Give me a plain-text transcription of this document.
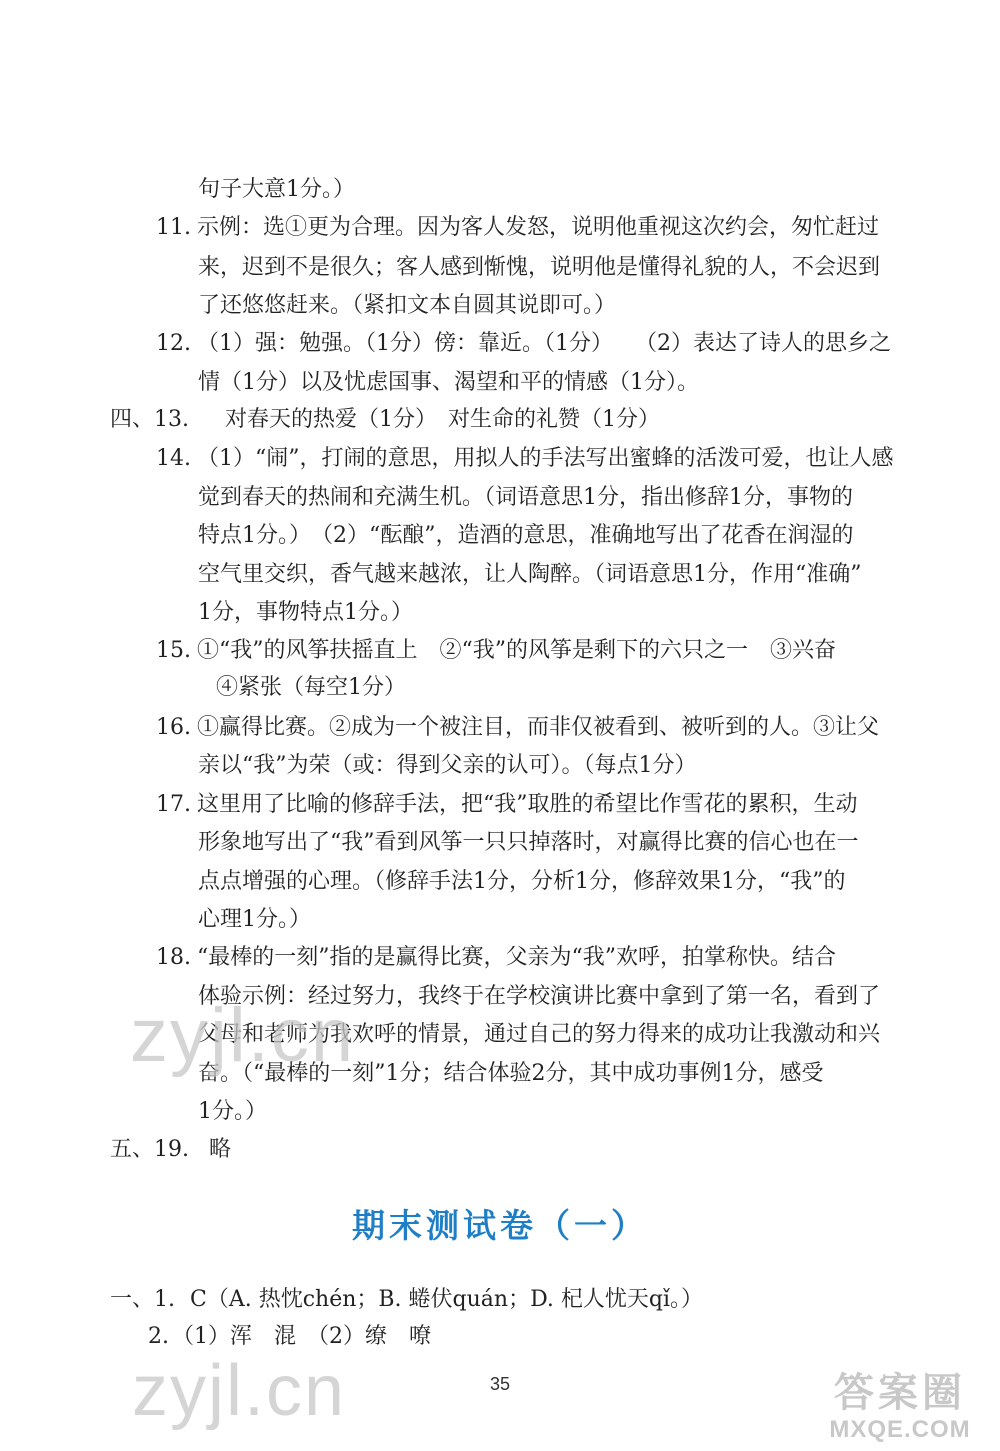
句子大意1分。）
11. 示例：选①更为合理。因为客人发怒，说明他重视这次约会，匆忙赶过
来，迟到不是很久；客人感到惭愧，说明他是懂得礼貌的人，不会迟到
了还悠悠赶来。（紧扣文本自圆其说即可。）
12. （1）强：勉强。（1分）傍：靠近。（1分）　　（2）表达了诗人的思乡之
情（1分）以及忧虑国事、渴望和平的情感（1分）。
四、13. 对春天的热爱（1分）　对生命的礼赞（1分）
14. （1）“闹”，打闹的意思，用拟人的手法写出蜜蜂的活泼可爱，也让人感
觉到春天的热闹和充满生机。（词语意思1分，指出修辞1分，事物的
特点1分。）　（2）“酝酿”，造酒的意思，准确地写出了花香在润湿的
空气里交织，香气越来越浓，让人陶醉。（词语意思1分，作用“准确”
1分，事物特点1分。）
15. ①“我”的风筝扶摇直上　②“我”的风筝是剩下的六只之一　③兴奋
④紧张（每空1分）
16. ①赢得比赛。②成为一个被注目，而非仅被看到、被听到的人。③让父
亲以“我”为荣（或：得到父亲的认可）。（每点1分）
17. 这里用了比喻的修辞手法，把“我”取胜的希望比作雪花的累积，生动
形象地写出了“我”看到风筝一只只掉落时，对赢得比赛的信心也在一
点点增强的心理。（修辞手法1分，分析1分，修辞效果1分，“我”的
心理1分。）
18. “最棒的一刻”指的是赢得比赛，父亲为“我”欢呼，拍掌称快。结合
体验示例：经过努力，我终于在学校演讲比赛中拿到了第一名，看到了
父母和老师为我欢呼的情景，通过自己的努力得来的成功让我激动和兴
奋。（“最棒的一刻”1分；结合体验2分，其中成功事例1分，感受
1分。）
五、19. 略
期末测试卷（一）
一、1. C（A. 热忱chén；B. 蜷伏quán；D. 杞人忧天qǐ。）
2. （1）浑　混　（2）缭　嘹
35
zyjl.cn
zyjl.cn	答案圈
MXQE.COM
